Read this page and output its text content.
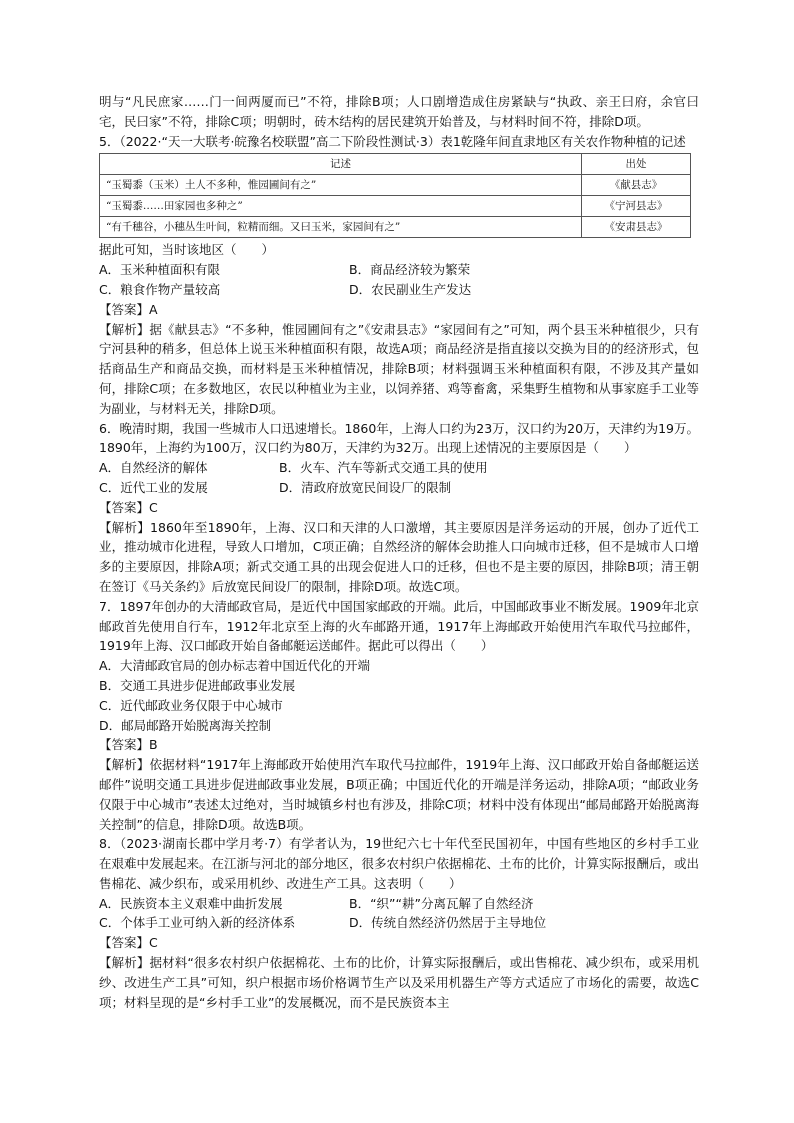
明与“凡民庶家……门一间两厦而已”不符，排除B项；人口剧增造成住房紧缺与“执政、亲王曰府，余官曰宅，民曰家”不符，排除C项；明朝时，砖木结构的居民建筑开始普及，与材料时间不符，排除D项。

5．（2022·“天一大联考·皖豫名校联盟”高二下阶段性测试·3）表1乾隆年间直隶地区有关农作物种植的记述

记述	出处
“玉蜀黍（玉米）土人不多种，惟园圃间有之”	《献县志》
“玉蜀黍……田家园也多种之”	《宁河县志》
“有千穗谷，小穗丛生叶间，粒精而细。又曰玉米，家园间有之”	《安肃县志》

据此可知，当时该地区（　　）

A．玉米种植面积有限	B．商品经济较为繁荣
C．粮食作物产量较高	D．农民副业生产发达

【答案】A

【解析】据《献县志》“不多种，惟园圃间有之”《安肃县志》“家园间有之”可知，两个县玉米种植很少，只有宁河县种的稍多，但总体上说玉米种植面积有限，故选A项；商品经济是指直接以交换为目的的经济形式，包括商品生产和商品交换，而材料是玉米种植情况，排除B项；材料强调玉米种植面积有限，不涉及其产量如何，排除C项；在多数地区，农民以种植业为主业，以饲养猪、鸡等畜禽，采集野生植物和从事家庭手工业等为副业，与材料无关，排除D项。

6．晚清时期，我国一些城市人口迅速增长。1860年，上海人口约为23万，汉口约为20万，天津约为19万。1890年，上海约为100万，汉口约为80万，天津约为32万。出现上述情况的主要原因是（　　）

A．自然经济的解体	B．火车、汽车等新式交通工具的使用
C．近代工业的发展	D．清政府放宽民间设厂的限制

【答案】C

【解析】1860年至1890年，上海、汉口和天津的人口激增，其主要原因是洋务运动的开展，创办了近代工业，推动城市化进程，导致人口增加，C项正确；自然经济的解体会助推人口向城市迁移，但不是城市人口增多的主要原因，排除A项；新式交通工具的出现会促进人口的迁移，但也不是主要的原因，排除B项；清王朝在签订《马关条约》后放宽民间设厂的限制，排除D项。故选C项。

7．1897年创办的大清邮政官局，是近代中国国家邮政的开端。此后，中国邮政事业不断发展。1909年北京邮政首先使用自行车，1912年北京至上海的火车邮路开通，1917年上海邮政开始使用汽车取代马拉邮件，1919年上海、汉口邮政开始自备邮艇运送邮件。据此可以得出（　　）

A．大清邮政官局的创办标志着中国近代化的开端
B．交通工具进步促进邮政事业发展
C．近代邮政业务仅限于中心城市
D．邮局邮路开始脱离海关控制

【答案】B

【解析】依据材料“1917年上海邮政开始使用汽车取代马拉邮件，1919年上海、汉口邮政开始自备邮艇运送邮件”说明交通工具进步促进邮政事业发展，B项正确；中国近代化的开端是洋务运动，排除A项；“邮政业务仅限于中心城市”表述太过绝对，当时城镇乡村也有涉及，排除C项；材料中没有体现出“邮局邮路开始脱离海关控制”的信息，排除D项。故选B项。

8．（2023·湖南长郡中学月考·7）有学者认为，19世纪六七十年代至民国初年，中国有些地区的乡村手工业在艰难中发展起来。在江浙与河北的部分地区，很多农村织户依据棉花、土布的比价，计算实际报酬后，或出售棉花、减少织布，或采用机纱、改进生产工具。这表明（　　）

A．民族资本主义艰难中曲折发展	B．“织”“耕”分离瓦解了自然经济
C．个体手工业可纳入新的经济体系	D．传统自然经济仍然居于主导地位

【答案】C

【解析】据材料“很多农村织户依据棉花、土布的比价，计算实际报酬后，或出售棉花、减少织布，或采用机纱、改进生产工具”可知，织户根据市场价格调节生产以及采用机器生产等方式适应了市场化的需要，故选C项；材料呈现的是“乡村手工业”的发展概况，而不是民族资本主
